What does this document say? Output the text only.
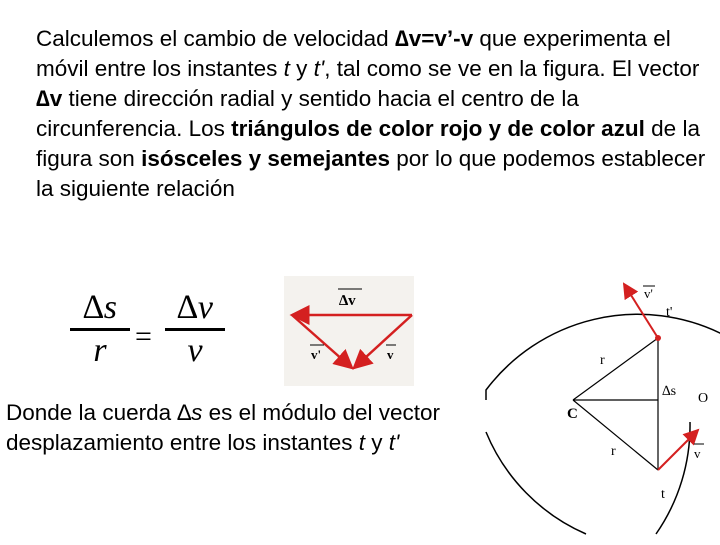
Calculemos el cambio de velocidad ∆v=v’-v que experimenta el móvil entre los instantes t y t', tal como se ve en la figura. El vector ∆v tiene dirección radial y sentido hacia el centro de la circunferencia. Los triángulos de color rojo y de color azul de la figura son isósceles y semejantes por lo que podemos establecer la siguiente relación
∆s
r =
∆v
v
∆v
v'	v
v'
t'
r
∆s O
C
r	v
t
Donde la cuerda ∆s es el módulo del vector desplazamiento entre los instantes t y t'
